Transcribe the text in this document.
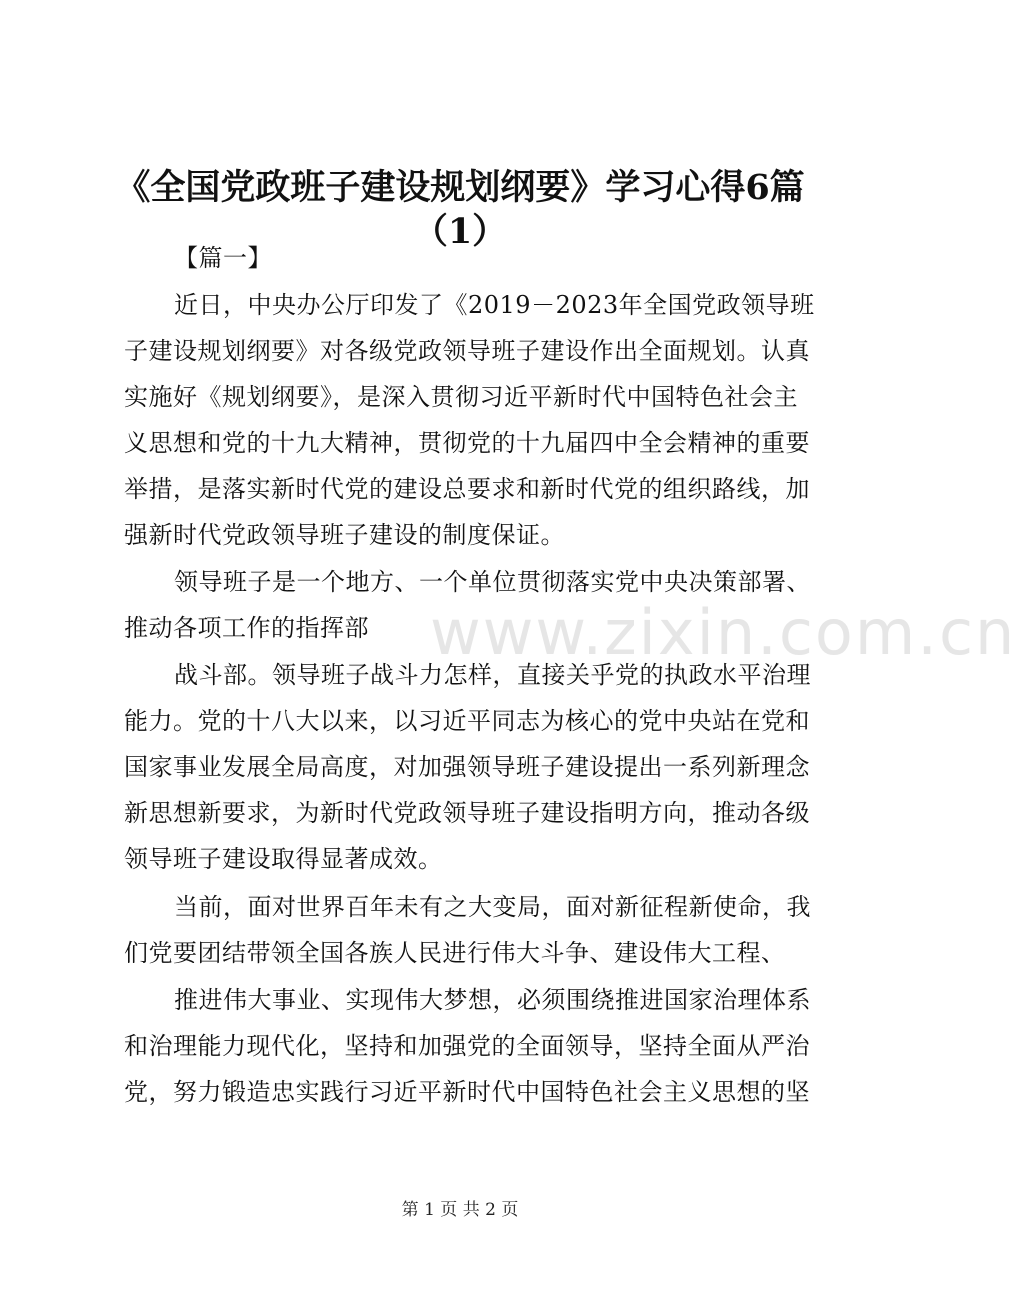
www.zixin.com.cn
《全国党政班子建设规划纲要》学习心得6篇
（1）
【篇一】
近日，中央办公厅印发了《2019－2023年全国党政领导班
子建设规划纲要》对各级党政领导班子建设作出全面规划。认真
实施好《规划纲要》，是深入贯彻习近平新时代中国特色社会主
义思想和党的十九大精神，贯彻党的十九届四中全会精神的重要
举措，是落实新时代党的建设总要求和新时代党的组织路线，加
强新时代党政领导班子建设的制度保证。
领导班子是一个地方、一个单位贯彻落实党中央决策部署、
推动各项工作的指挥部
战斗部。领导班子战斗力怎样，直接关乎党的执政水平治理
能力。党的十八大以来，以习近平同志为核心的党中央站在党和
国家事业发展全局高度，对加强领导班子建设提出一系列新理念
新思想新要求，为新时代党政领导班子建设指明方向，推动各级
领导班子建设取得显著成效。
当前，面对世界百年未有之大变局，面对新征程新使命，我
们党要团结带领全国各族人民进行伟大斗争、建设伟大工程、
推进伟大事业、实现伟大梦想，必须围绕推进国家治理体系
和治理能力现代化，坚持和加强党的全面领导，坚持全面从严治
党，努力锻造忠实践行习近平新时代中国特色社会主义思想的坚
第 1 页 共 2 页
